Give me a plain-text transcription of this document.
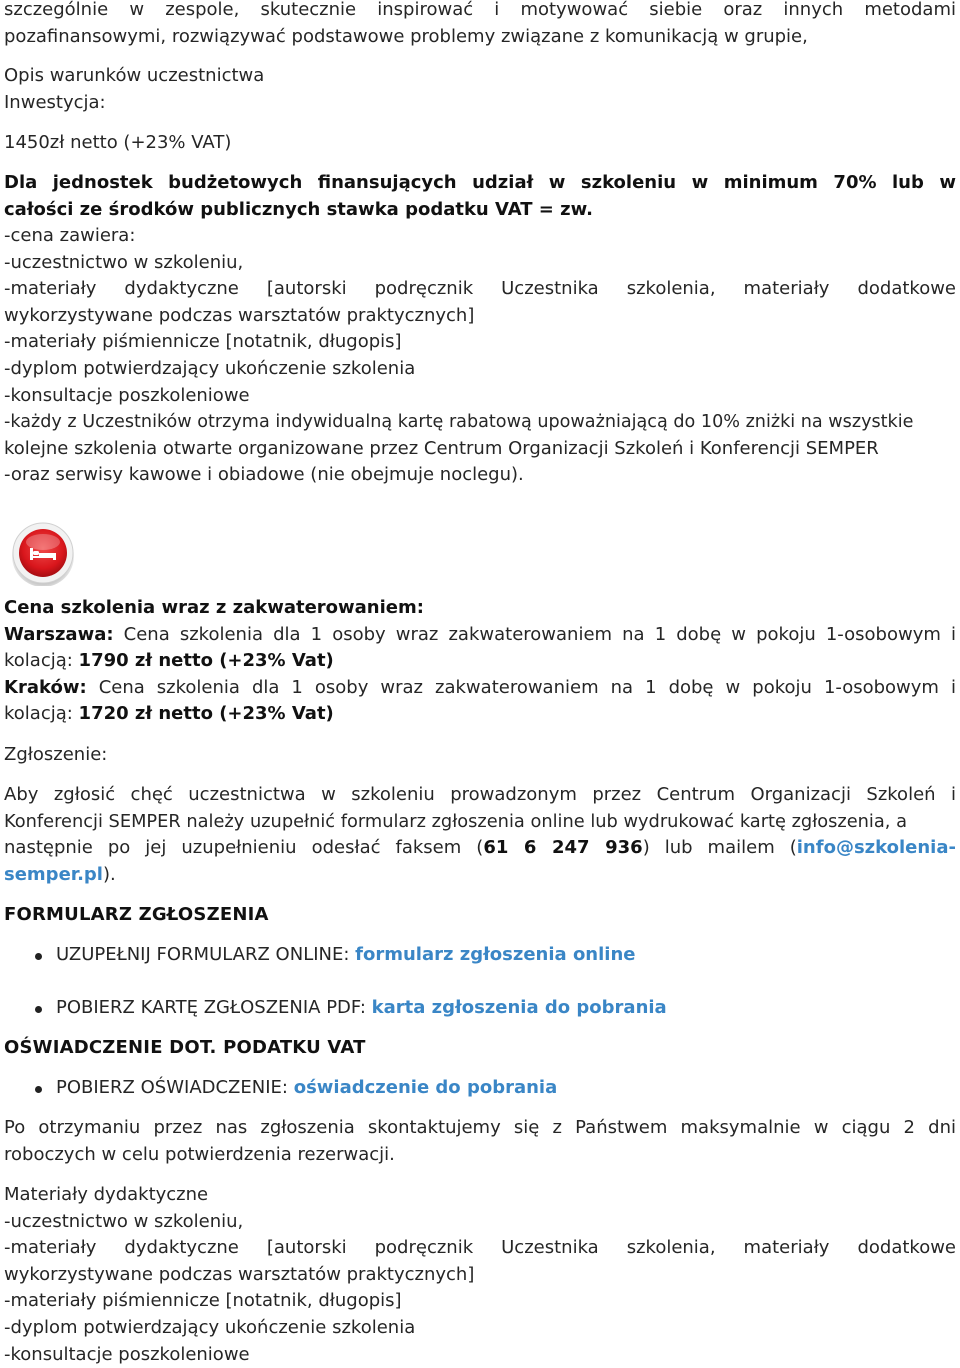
szczególnie w zespole, skutecznie inspirować i motywować siebie oraz innych metodami
pozafinansowymi, rozwiązywać podstawowe problemy związane z komunikacją w grupie,
Opis warunków uczestnictwa
Inwestycja:
1450zł netto (+23% VAT)
Dla jednostek budżetowych finansujących udział w szkoleniu w minimum 70% lub w
całości ze środków publicznych stawka podatku VAT = zw.
-cena zawiera:
-uczestnictwo w szkoleniu,
-materiały dydaktyczne [autorski podręcznik Uczestnika szkolenia, materiały dodatkowe
wykorzystywane podczas warsztatów praktycznych]
-materiały piśmiennicze [notatnik, długopis]
-dyplom potwierdzający ukończenie szkolenia
-konsultacje poszkoleniowe
-każdy z Uczestników otrzyma indywidualną kartę rabatową upoważniającą do 10% zniżki na wszystkie
kolejne szkolenia otwarte organizowane przez Centrum Organizacji Szkoleń i Konferencji SEMPER
-oraz serwisy kawowe i obiadowe (nie obejmuje noclegu).
Cena szkolenia wraz z zakwaterowaniem:
Warszawa: Cena szkolenia dla 1 osoby wraz zakwaterowaniem na 1 dobę w pokoju 1-osobowym i
kolacją: 1790 zł netto (+23% Vat)
Kraków: Cena szkolenia dla 1 osoby wraz zakwaterowaniem na 1 dobę w pokoju 1-osobowym i
kolacją: 1720 zł netto (+23% Vat)
Zgłoszenie:
Aby zgłosić chęć uczestnictwa w szkoleniu prowadzonym przez Centrum Organizacji Szkoleń i
Konferencji SEMPER należy uzupełnić formularz zgłoszenia online lub wydrukować kartę zgłoszenia, a
następnie po jej uzupełnieniu odesłać faksem (61 6 247 936) lub mailem (info@szkolenia-
semper.pl).
FORMULARZ ZGŁOSZENIA
UZUPEŁNIJ FORMULARZ ONLINE: formularz zgłoszenia online
POBIERZ KARTĘ ZGŁOSZENIA PDF: karta zgłoszenia do pobrania
OŚWIADCZENIE DOT. PODATKU VAT
POBIERZ OŚWIADCZENIE: oświadczenie do pobrania
Po otrzymaniu przez nas zgłoszenia skontaktujemy się z Państwem maksymalnie w ciągu 2 dni
roboczych w celu potwierdzenia rezerwacji.
Materiały dydaktyczne
-uczestnictwo w szkoleniu,
-materiały dydaktyczne [autorski podręcznik Uczestnika szkolenia, materiały dodatkowe
wykorzystywane podczas warsztatów praktycznych]
-materiały piśmiennicze [notatnik, długopis]
-dyplom potwierdzający ukończenie szkolenia
-konsultacje poszkoleniowe
